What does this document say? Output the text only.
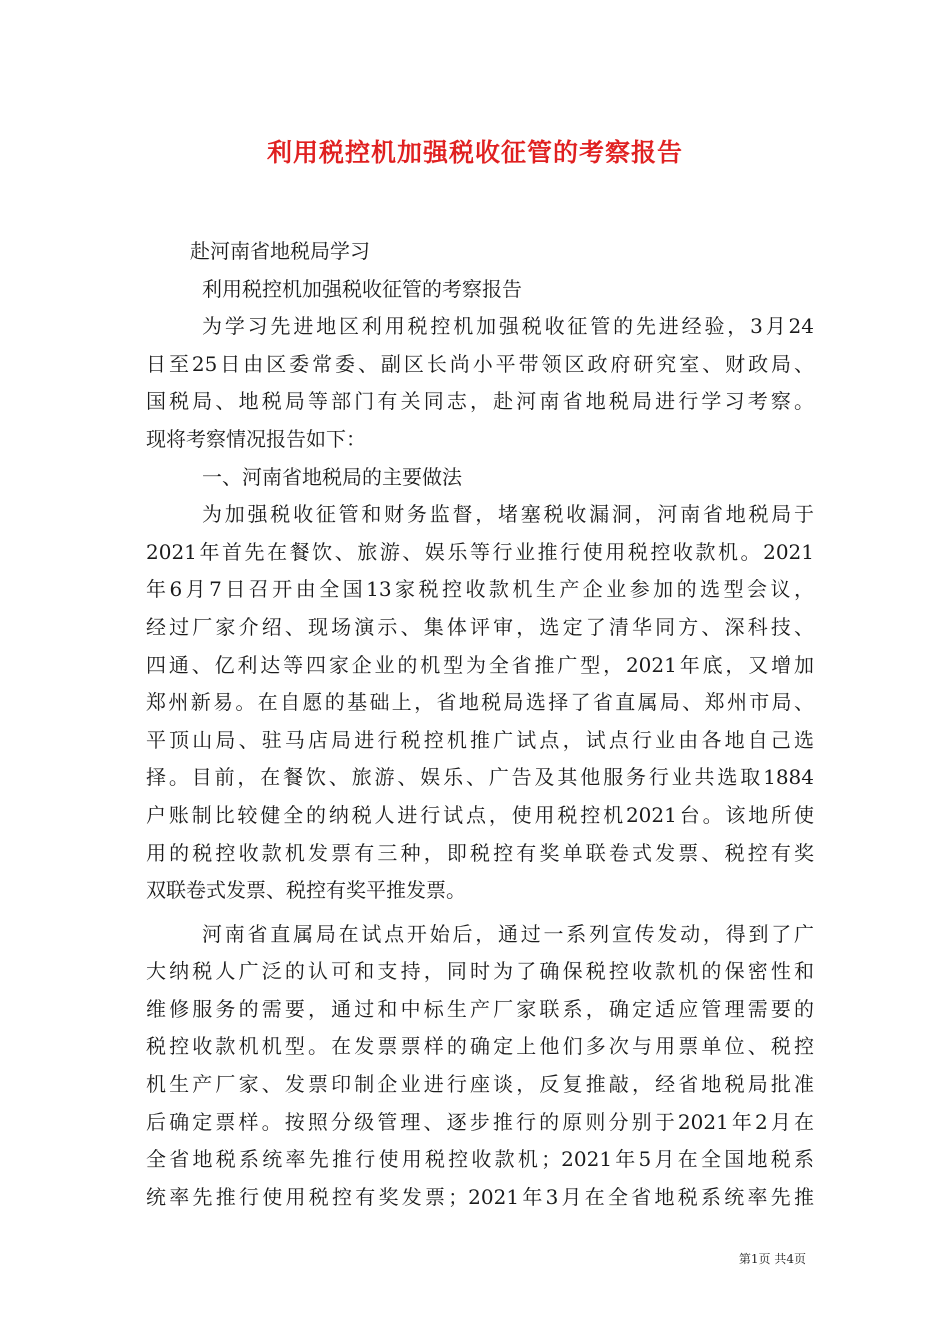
利用税控机加强税收征管的考察报告
赴河南省地税局学习
利用税控机加强税收征管的考察报告
为学习先进地区利用税控机加强税收征管的先进经验，3月24
日至25日由区委常委、副区长尚小平带领区政府研究室、财政局、
国税局、地税局等部门有关同志，赴河南省地税局进行学习考察。
现将考察情况报告如下：
一、河南省地税局的主要做法
为加强税收征管和财务监督，堵塞税收漏洞，河南省地税局于
2021年首先在餐饮、旅游、娱乐等行业推行使用税控收款机。2021
年6月7日召开由全国13家税控收款机生产企业参加的选型会议，
经过厂家介绍、现场演示、集体评审，选定了清华同方、深科技、
四通、亿利达等四家企业的机型为全省推广型，2021年底，又增加
郑州新易。在自愿的基础上，省地税局选择了省直属局、郑州市局、
平顶山局、驻马店局进行税控机推广试点，试点行业由各地自己选
择。目前，在餐饮、旅游、娱乐、广告及其他服务行业共选取1884
户账制比较健全的纳税人进行试点，使用税控机2021台。该地所使
用的税控收款机发票有三种，即税控有奖单联卷式发票、税控有奖
双联卷式发票、税控有奖平推发票。
河南省直属局在试点开始后，通过一系列宣传发动，得到了广
大纳税人广泛的认可和支持，同时为了确保税控收款机的保密性和
维修服务的需要，通过和中标生产厂家联系，确定适应管理需要的
税控收款机机型。在发票票样的确定上他们多次与用票单位、税控
机生产厂家、发票印制企业进行座谈，反复推敲，经省地税局批准
后确定票样。按照分级管理、逐步推行的原则分别于2021年2月在
全省地税系统率先推行使用税控收款机；2021年5月在全国地税系
统率先推行使用税控有奖发票；2021年3月在全省地税系统率先推
第1页 共4页
